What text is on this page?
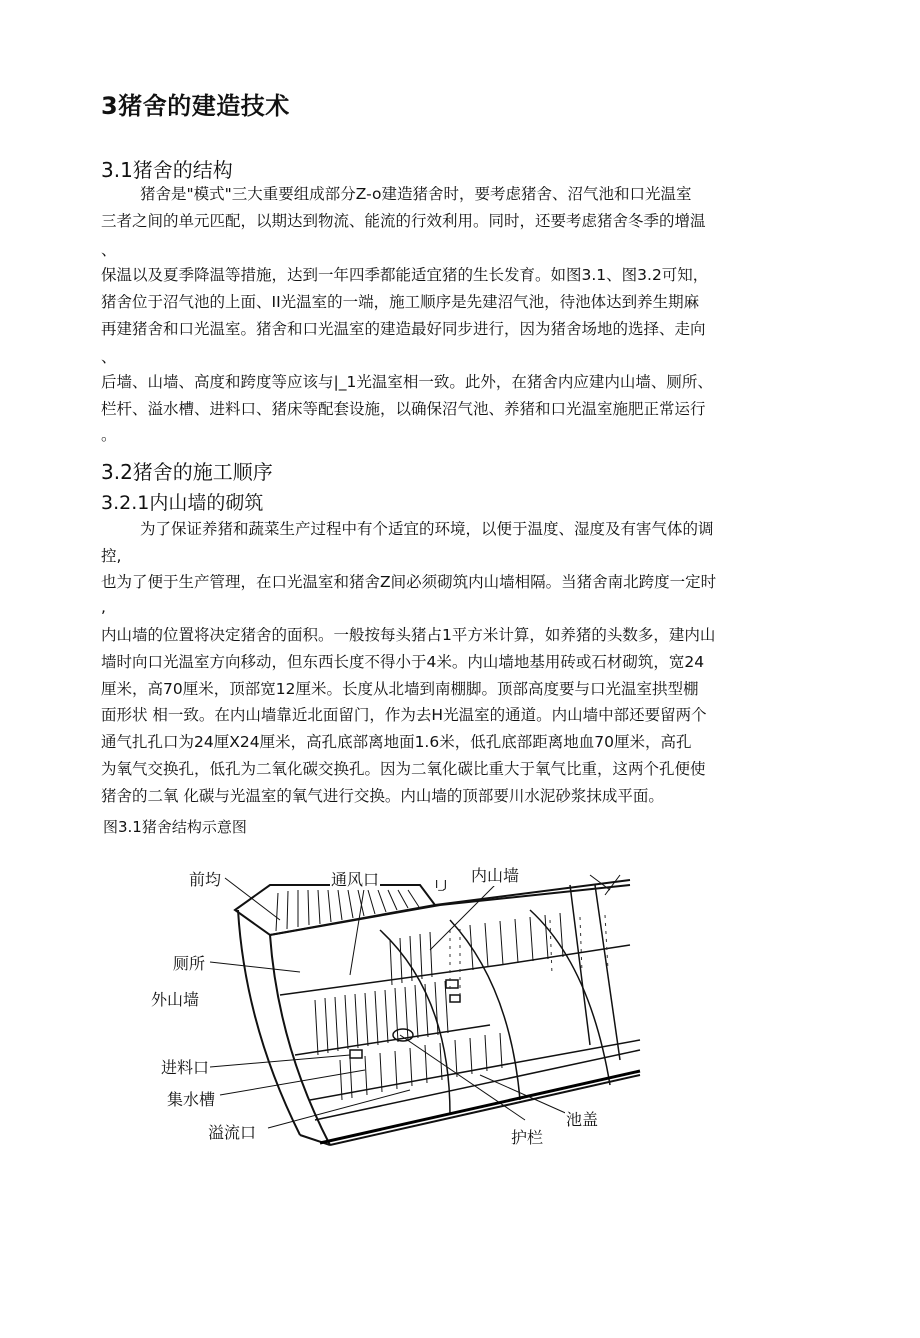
3猪舍的建造技术
3.1猪舍的结构
猪舍是"模式"三大重要组成部分Z-o建造猪舍时，要考虑猪舍、沼气池和口光温室
三者之间的单元匹配，以期达到物流、能流的行效利用。同时，还要考虑猪舍冬季的增温
、
保温以及夏季降温等措施，达到一年四季都能适宜猪的生长发育。如图3.1、图3.2可知，
猪舍位于沼气池的上面、II光温室的一端，施工顺序是先建沼气池，待池体达到养生期麻
再建猪舍和口光温室。猪舍和口光温室的建造最好同步进行，因为猪舍场地的选择、走向
、
后墙、山墙、高度和跨度等应该与|_1光温室相一致。此外，在猪舍内应建内山墙、厕所、
栏杆、溢水槽、进料口、猪床等配套设施，以确保沼气池、养猪和口光温室施肥正常运行
。
3.2猪舍的施工顺序
3.2.1内山墙的砌筑
为了保证养猪和蔬菜生产过程中有个适宜的环境，以便于温度、湿度及有害气体的调
控,
也为了便于生产管理，在口光温室和猪舍Z间必须砌筑内山墙相隔。当猪舍南北跨度一定时
,
内山墙的位置将决定猪舍的面积。一般按每头猪占1平方米计算，如养猪的头数多，建内山
墙时向口光温室方向移动，但东西长度不得小于4米。内山墙地基用砖或石材砌筑，宽24
厘米，高70厘米，顶部宽12厘米。长度从北墙到南棚脚。顶部高度要与口光温室拱型棚
面形状 相一致。在内山墙靠近北面留门，作为去H光温室的通道。内山墙中部还要留两个
通气扎孔口为24厘X24厘米，高孔底部离地面1.6米，低孔底部距离地血70厘米，高孔
为氧气交换孔，低孔为二氧化碳交换孔。因为二氧化碳比重大于氧气比重，这两个孔便使
猪舍的二氧 化碳与光温室的氧气进行交换。内山墙的顶部要川水泥砂浆抹成平面。
图3.1猪舍结构示意图
前均	通风口	内山墙
I_J
厕所
外山墙
进料口
集水槽
溢流口	护栏
池盖
